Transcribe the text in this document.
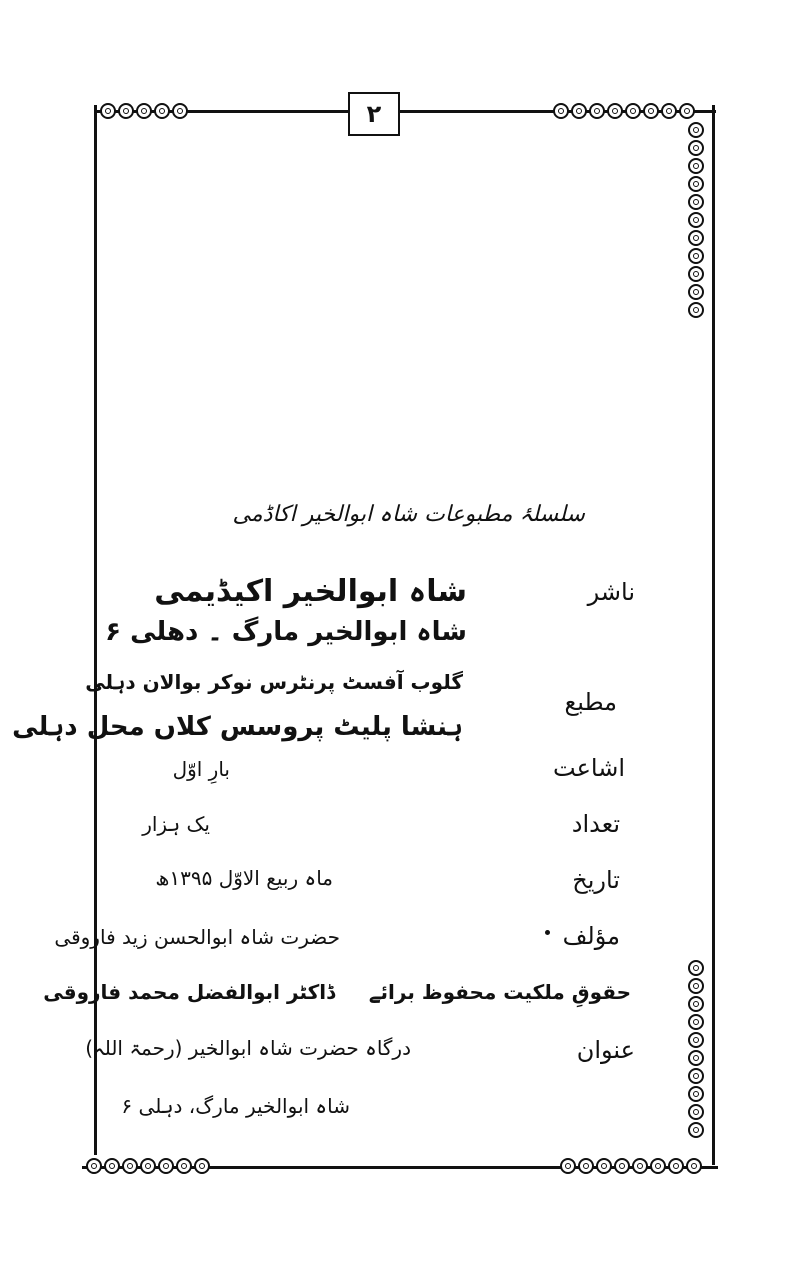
٢
سلسلۂ مطبوعات شاہ ابوالخیر اکاڈمی
ناشر
شاہ ابوالخیر اکیڈیمی
شاہ ابوالخیر مارگ ۔ دھلی ۶
مطبع
گلوب آفسٹ پرنٹرس نوکر بوالان دہلی
ہنشا پلیٹ پروسس کلاں محل دہلی
اشاعت
بارِ اوّل
تعداد
یک ہزار
تاریخ
ماہ ربیع الاوّل ۱۳۹۵ھ
مؤلف
حضرت شاہ ابوالحسن زید فاروقی
حقوقِ ملکیت محفوظ برائے
ڈاکٹر ابوالفضل محمد فاروقی
عنوان
درگاہ حضرت شاہ ابوالخیر (رحمۃ اللہ)
شاہ ابوالخیر مارگ، دہلی ۶
